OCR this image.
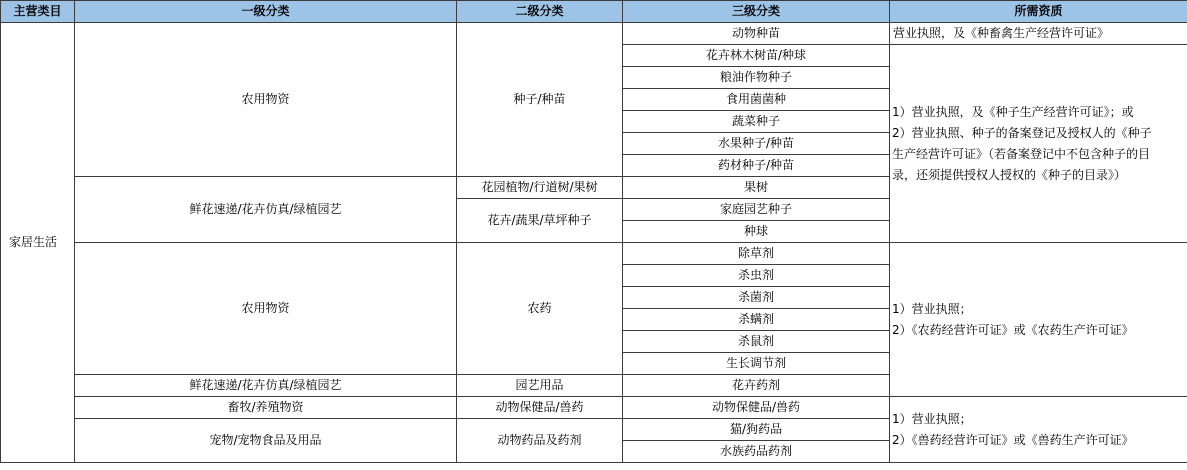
主营类目	一级分类	二级分类	三级分类	所需资质
家居生活	农用物资	种子/种苗	动物种苗	营业执照，及《种畜禽生产经营许可证》
			花卉林木树苗/种球	1）营业执照，及《种子生产经营许可证》；或
2）营业执照、种子的备案登记及授权人的《种子
生产经营许可证》（若备案登记中不包含种子的目
录，还须提供授权人授权的《种子的目录》）

			粮油作物种子	
			食用菌菌种	
			蔬菜种子	
			水果种子/种苗	
			药材种子/种苗	
	鲜花速递/花卉仿真/绿植园艺	花园植物/行道树/果树	果树	
		花卉/蔬果/草坪种子	家庭园艺种子	
			种球	
	农用物资	农药	除草剂	1）营业执照；
2）《农药经营许可证》或《农药生产许可证》

			杀虫剂	
			杀菌剂	
			杀螨剂	
			杀鼠剂	
			生长调节剂	
	鲜花速递/花卉仿真/绿植园艺	园艺用品	花卉药剂	
	畜牧/养殖物资	动物保健品/兽药	动物保健品/兽药	1）营业执照；
2）《兽药经营许可证》或《兽药生产许可证》

	宠物/宠物食品及用品	动物药品及药剂	猫/狗药品	
			水族药品药剂	
